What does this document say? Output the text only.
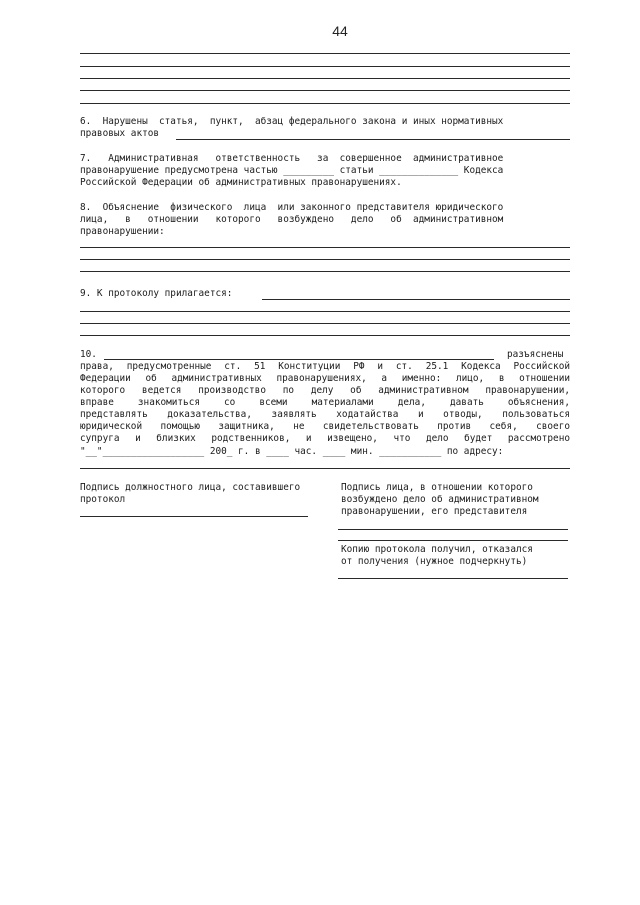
44
6.  Нарушены  статья,  пункт,  абзац федерального закона и иных нормативных
правовых актов
7.   Административная   ответственность   за  совершенное  административное
правонарушение предусмотрена частью _________ статьи ______________ Кодекса
Российской Федерации об административных правонарушениях.
8.  Объяснение  физического  лица  или законного представителя юридического
лица,   в   отношении   которого   возбуждено   дело   об  административном
правонарушении:
9. К протоколу прилагается:
10.	разъяснены
права, предусмотренные ст. 51 Конституции РФ и ст. 25.1 Кодекса Российской
Федерации об административных правонарушениях, а именно: лицо, в отношении
которого ведется производство по делу об административном правонарушении,
вправе знакомиться со всеми материалами дела, давать объяснения,
представлять доказательства, заявлять ходатайства и отводы, пользоваться
юридической помощью защитника, не свидетельствовать против себя, своего
супруга и близких родственников, и извещено, что дело будет рассмотрено
"__"__________________ 200_ г. в ____ час. ____ мин. ___________ по адресу:
Подпись должностного лица, составившего
протокол
Подпись лица, в отношении которого
возбуждено дело об административном
правонарушении, его представителя
Копию протокола получил, отказался
от получения (нужное подчеркнуть)
